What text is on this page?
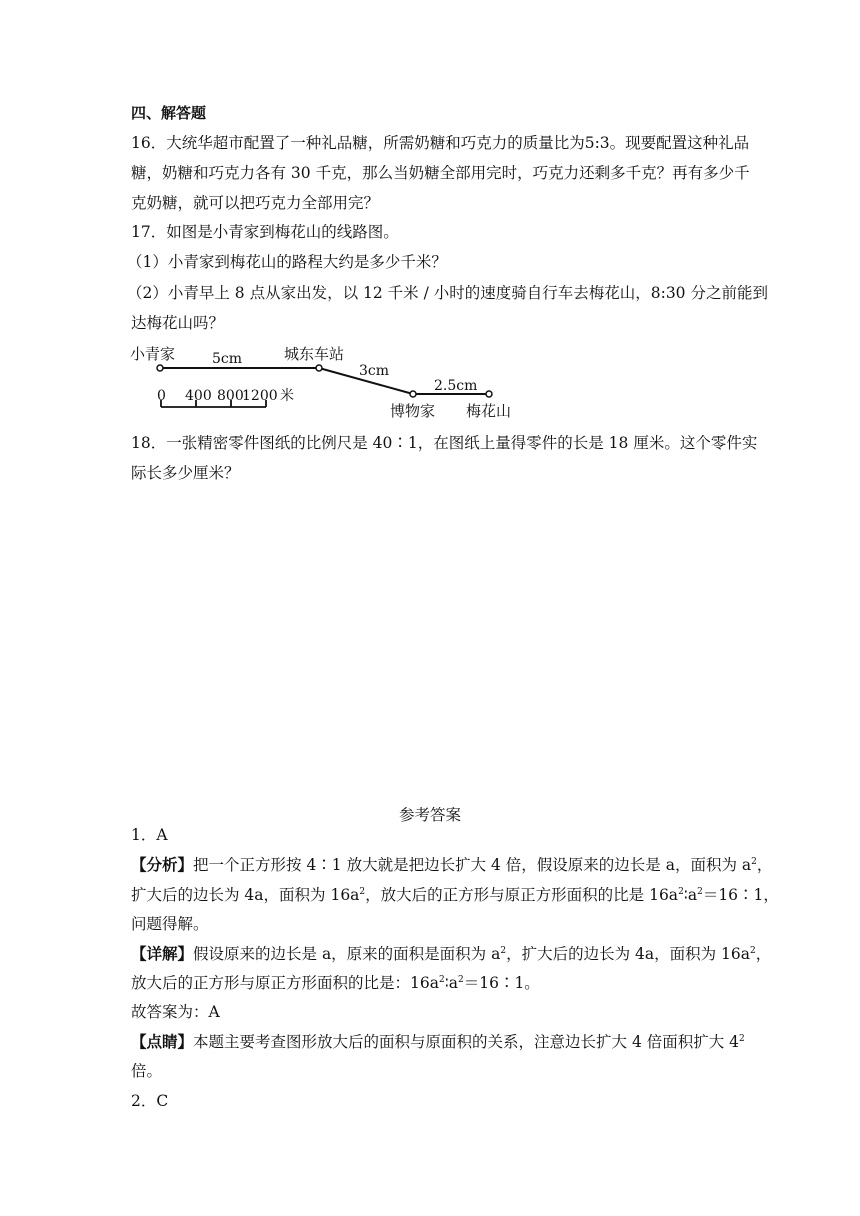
四、解答题
16．大统华超市配置了一种礼品糖，所需奶糖和巧克力的质量比为5:3。现要配置这种礼品
糖，奶糖和巧克力各有 30 千克，那么当奶糖全部用完时，巧克力还剩多千克？再有多少千
克奶糖，就可以把巧克力全部用完？
17．如图是小青家到梅花山的线路图。
（1）小青家到梅花山的路程大约是多少千米？
（2）小青早上 8 点从家出发，以 12 千米 / 小时的速度骑自行车去梅花山，8:30 分之前能到
达梅花山吗？
小青家	5cm	城东车站
3cm
2.5cm
博物家 梅花山
0 400 800
1200 米
18．一张精密零件图纸的比例尺是 40∶1，在图纸上量得零件的长是 18 厘米。这个零件实
际长多少厘米？
参考答案
1．A
【分析】把一个正方形按 4∶1 放大就是把边长扩大 4 倍，假设原来的边长是 a，面积为 $a^2$，
扩大后的边长为 4a，面积为 $16a^2$，放大后的正方形与原正方形面积的比是 $16a^2∶a^2=16∶1$，
问题得解。
【详解】假设原来的边长是 a，原来的面积是面积为 $a^2$，扩大后的边长为 4a，面积为 $16a^2$，
放大后的正方形与原正方形面积的比是：$16a^2∶a^2=16∶1$。
故答案为：A
【点睛】本题主要考查图形放大后的面积与原面积的关系，注意边长扩大 4 倍面积扩大 $4^2$
倍。
2．C
